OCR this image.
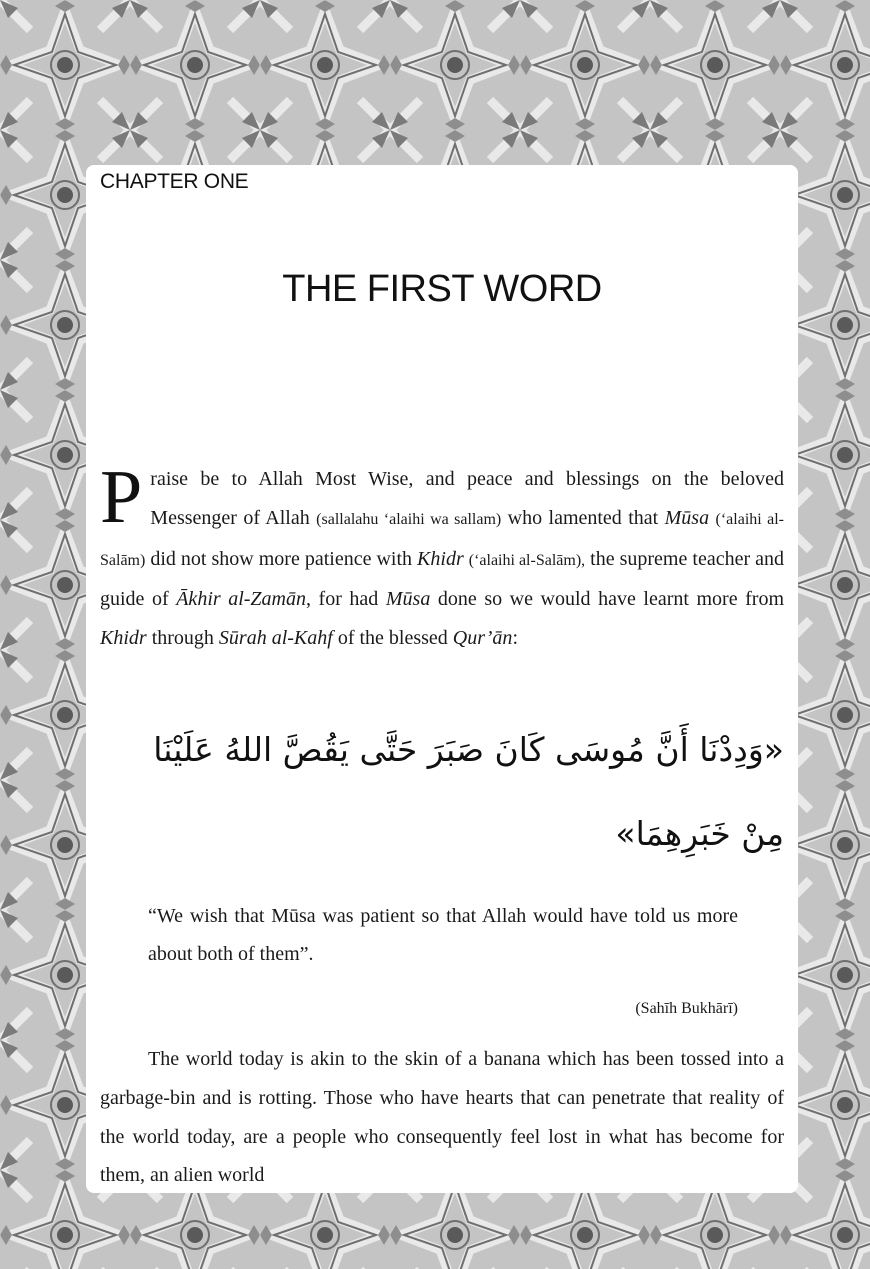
CHAPTER ONE
THE FIRST WORD

Praise be to Allah Most Wise, and peace and blessings on the beloved Messenger of Allah (sallalahu ‘alaihi wa sallam) who lamented that Mūsa (‘alaihi al-Salām) did not show more patience with Khidr (‘alaihi al-Salām), the supreme teacher and guide of Ākhir al-Zamān, for had Mūsa done so we would have learnt more from Khidr through Sūrah al-Kahf of the blessed Qur’ān:

«وَدِدْنَا أَنَّ مُوسَى كَانَ صَبَرَ حَتَّى يَقُصَّ اللهُ عَلَيْنَا مِنْ خَبَرِهِمَا»

“We wish that Mūsa was patient so that Allah would have told us more about both of them”.

(Sahīh Bukhārī)

The world today is akin to the skin of a banana which has been tossed into a garbage-bin and is rotting. Those who have hearts that can penetrate that reality of the world today, are a people who consequently feel lost in what has become for them, an alien world
